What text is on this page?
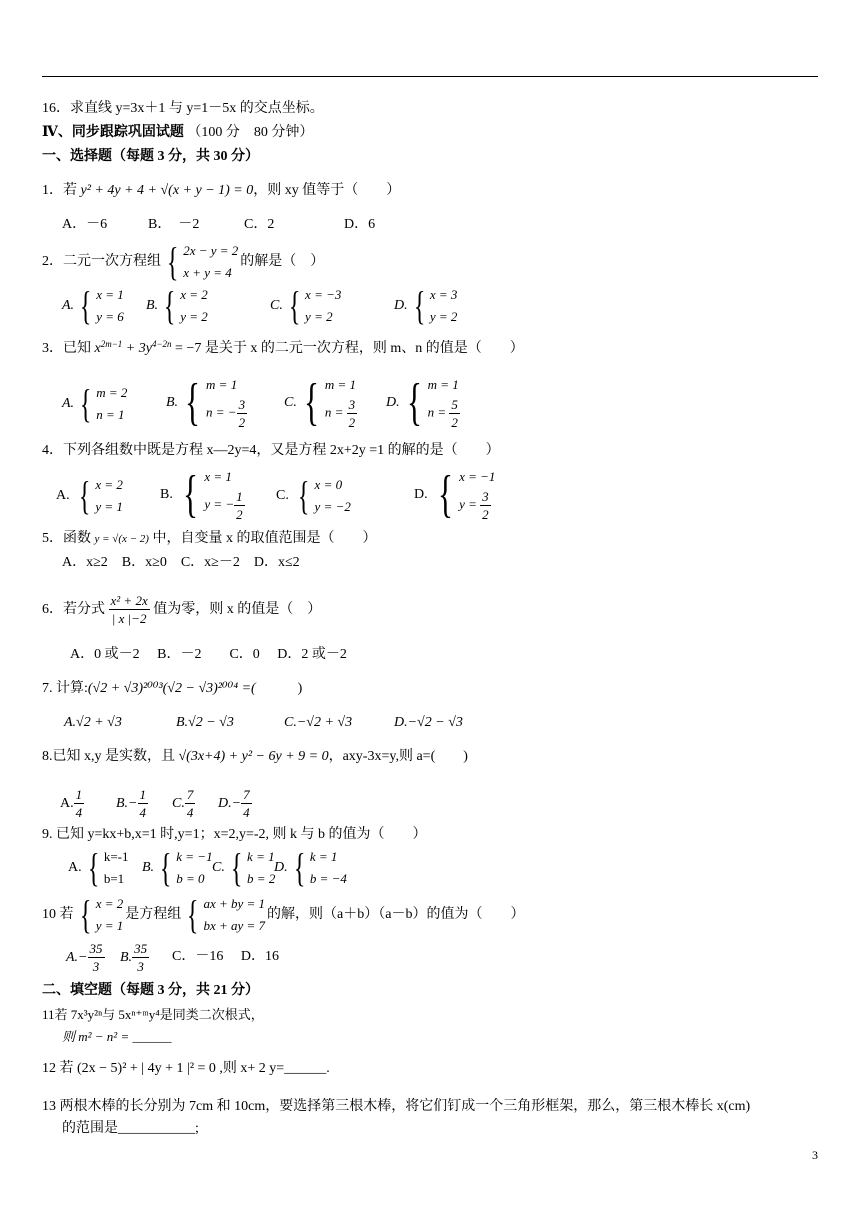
16．求直线 y=3x＋1 与 y=1－5x 的交点坐标。
Ⅳ、同步跟踪巩固试题 （100 分　80 分钟）
一、选择题（每题 3 分，共 30 分）
1．若 y² + 4y + 4 + √(x + y − 1) = 0，则 xy 值等于（　　）
A．－6	B．　－2	C．2	D．6
2．二元一次方程组 { 2x − y = 2
x + y = 4
的解是（　）
A. { x = 1
y = 6
B. { x = 2
y = 2
C. { x = −3
y = 2
D. { x = 3
y = 2
3．已知 $x^{2m-1} + 3y^{4-2n} = -7$ 是关于 x 的二元一次方程，则 m、n 的值是（　　）
A. { m = 2
n = 1
B. { m = 1
n = − $\frac{3}{2}$	C. { m = 1
$n = \frac{3}{2} D$. { m = 1
$n = \frac{5}{2}$
4．下列各组数中既是方程 x—2y=4，又是方程 2x+2y =1 的解的是（　　）
A.
{ x = 2
y = 1
B.
{ x = 1
y = − $\frac{1}{2} C$.
{ x = 0
y = −2
D.
{ x = −1
$y = \frac{3}{2}$
5．函数 y = √(x − 2) 中，自变量 x 的取值范围是（　　）
A．x≥2　B．x≥0　C．x≥－2　D．x≤2
6．若分式 $\frac{\text{x² + 2x}}{| x |-2}$ 值为零，则 x 的值是（　）
A．0 或－2　 B．－2　　C．0　 D．2 或－2
7. 计算:(√2 + √3)²⁰⁰³(√2 − √3)²⁰⁰⁴ =(　　　)
A.√2 + √3	B.√2 − √3	C.−√2 + √3	D.−√2 − √3
8.已知 x,y 是实数，且 √(3x+4) + y² − 6y + 9 = 0，axy-3x=y,则 a=(　　)
A. $\frac{1}{4} B.- \frac{1}{4} C$. $\frac{7}{4} D.- \frac{7}{4}$
9. 已知 y=kx+b,x=1 时,y=1；x=2,y=-2, 则 k 与 b 的值为（　　）
A. { k=-1
b=1
B. { k = −1
b = 0
C. { k = 1
b = 2
D. { k = 1
b = −4
10 若 { x = 2
y = 1
是方程组 { ax + by = 1
bx + ay = 7
的解，则（a＋b）（a－b）的值为（　　）
$A.- \frac{35}{3} B$. $\frac{35}{3}$ C．－16　 D．16
二、填空题（每题 3 分，共 21 分）
11若 7x³y²ⁿ与 5xⁿ⁺ᵐy⁴是同类二次根式，
则 m² − n² = ______
12 若 (2x − 5)² + | 4y + 1 |² = 0 ,则 x+ 2 y=______.
13 两根木棒的长分别为 7cm 和 10cm，要选择第三根木棒，将它们钉成一个三角形框架，那么，第三根木棒长 x(cm)
的范围是___________;
3
